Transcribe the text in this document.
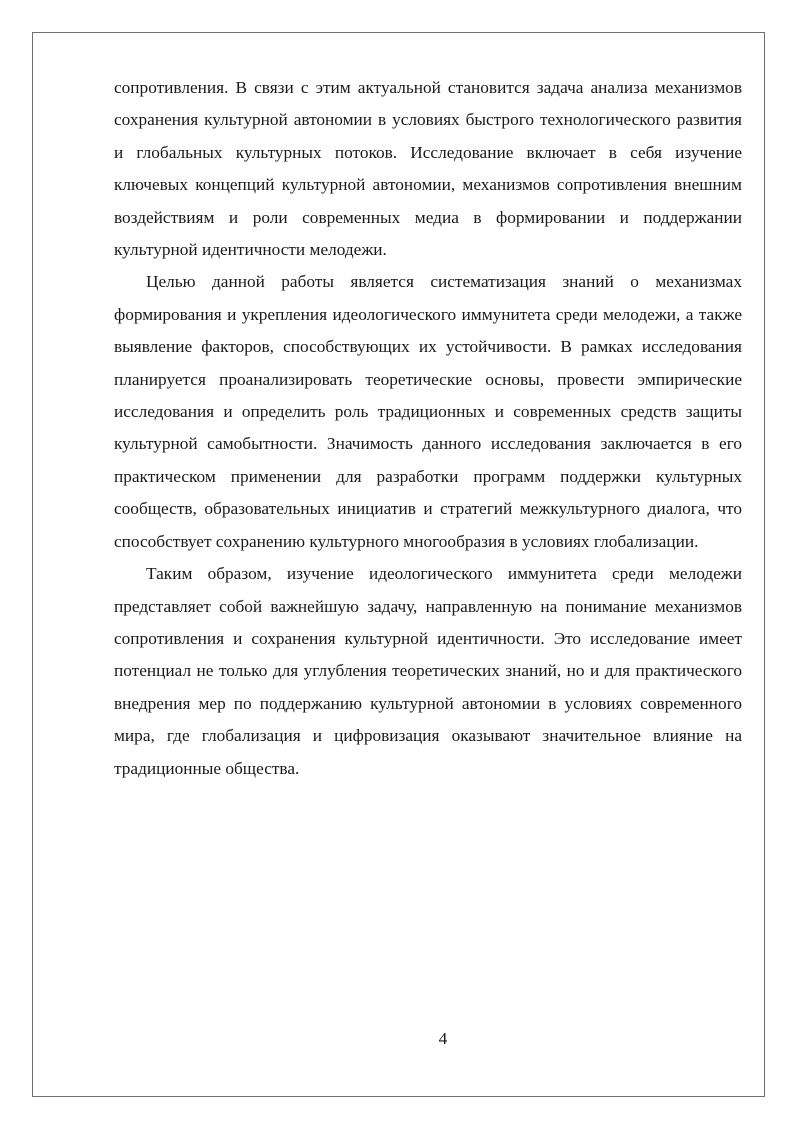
сопротивления. В связи с этим актуальной становится задача анализа механизмов сохранения культурной автономии в условиях быстрого технологического развития и глобальных культурных потоков. Исследование включает в себя изучение ключевых концепций культурной автономии, механизмов сопротивления внешним воздействиям и роли современных медиа в формировании и поддержании культурной идентичности мелодежи.

Целью данной работы является систематизация знаний о механизмах формирования и укрепления идеологического иммунитета среди мелодежи, а также выявление факторов, способствующих их устойчивости. В рамках исследования планируется проанализировать теоретические основы, провести эмпирические исследования и определить роль традиционных и современных средств защиты культурной самобытности. Значимость данного исследования заключается в его практическом применении для разработки программ поддержки культурных сообществ, образовательных инициатив и стратегий межкультурного диалога, что способствует сохранению культурного многообразия в условиях глобализации.

Таким образом, изучение идеологического иммунитета среди мелодежи представляет собой важнейшую задачу, направленную на понимание механизмов сопротивления и сохранения культурной идентичности. Это исследование имеет потенциал не только для углубления теоретических знаний, но и для практического внедрения мер по поддержанию культурной автономии в условиях современного мира, где глобализация и цифровизация оказывают значительное влияние на традиционные общества.

4
